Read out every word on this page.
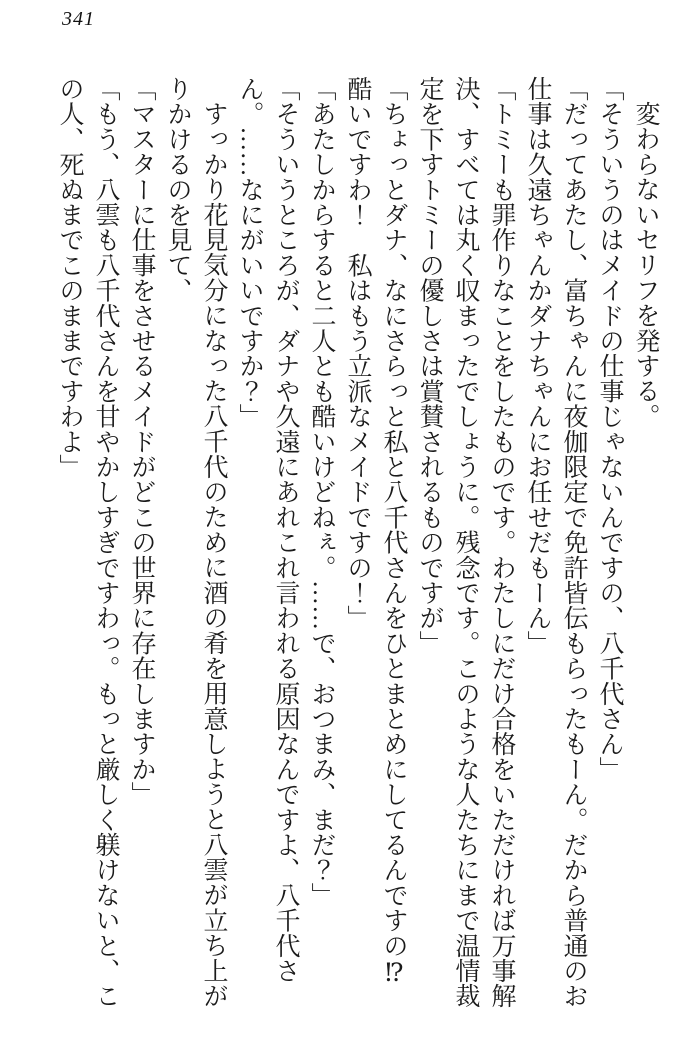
341

変わらないセリフを発する。

「そういうのはメイドの仕事じゃないんですの、八千代さん」

「だってあたし、富ちゃんに夜伽限定で免許皆伝もらったもーん。だから普通のお仕事は久遠ちゃんかダナちゃんにお任せだもーん」

「トミーも罪作りなことをしたものです。わたしにだけ合格をいただければ万事解決、すべては丸く収まったでしょうに。残念です。このような人たちにまで温情裁定を下すトミーの優しさは賞賛されるものですが」

「ちょっとダナ、なにさらっと私と八千代さんをひとまとめにしてるんですの⁉　酷いですわ！　私はもう立派なメイドですの！」

「あたしからすると二人とも酷いけどねぇ。……で、おつまみ、まだ？」

「そういうところが、ダナや久遠にあれこれ言われる原因なんですよ、八千代さん。……なにがいいですか？」

すっかり花見気分になった八千代のために酒の肴を用意しようと八雲が立ち上がりかけるのを見て、

「マスターに仕事をさせるメイドがどこの世界に存在しますか」

「もう、八雲も八千代さんを甘やかしすぎですわっ。もっと厳しく躾けないと、この人、死ぬまでこのままですわよ」
